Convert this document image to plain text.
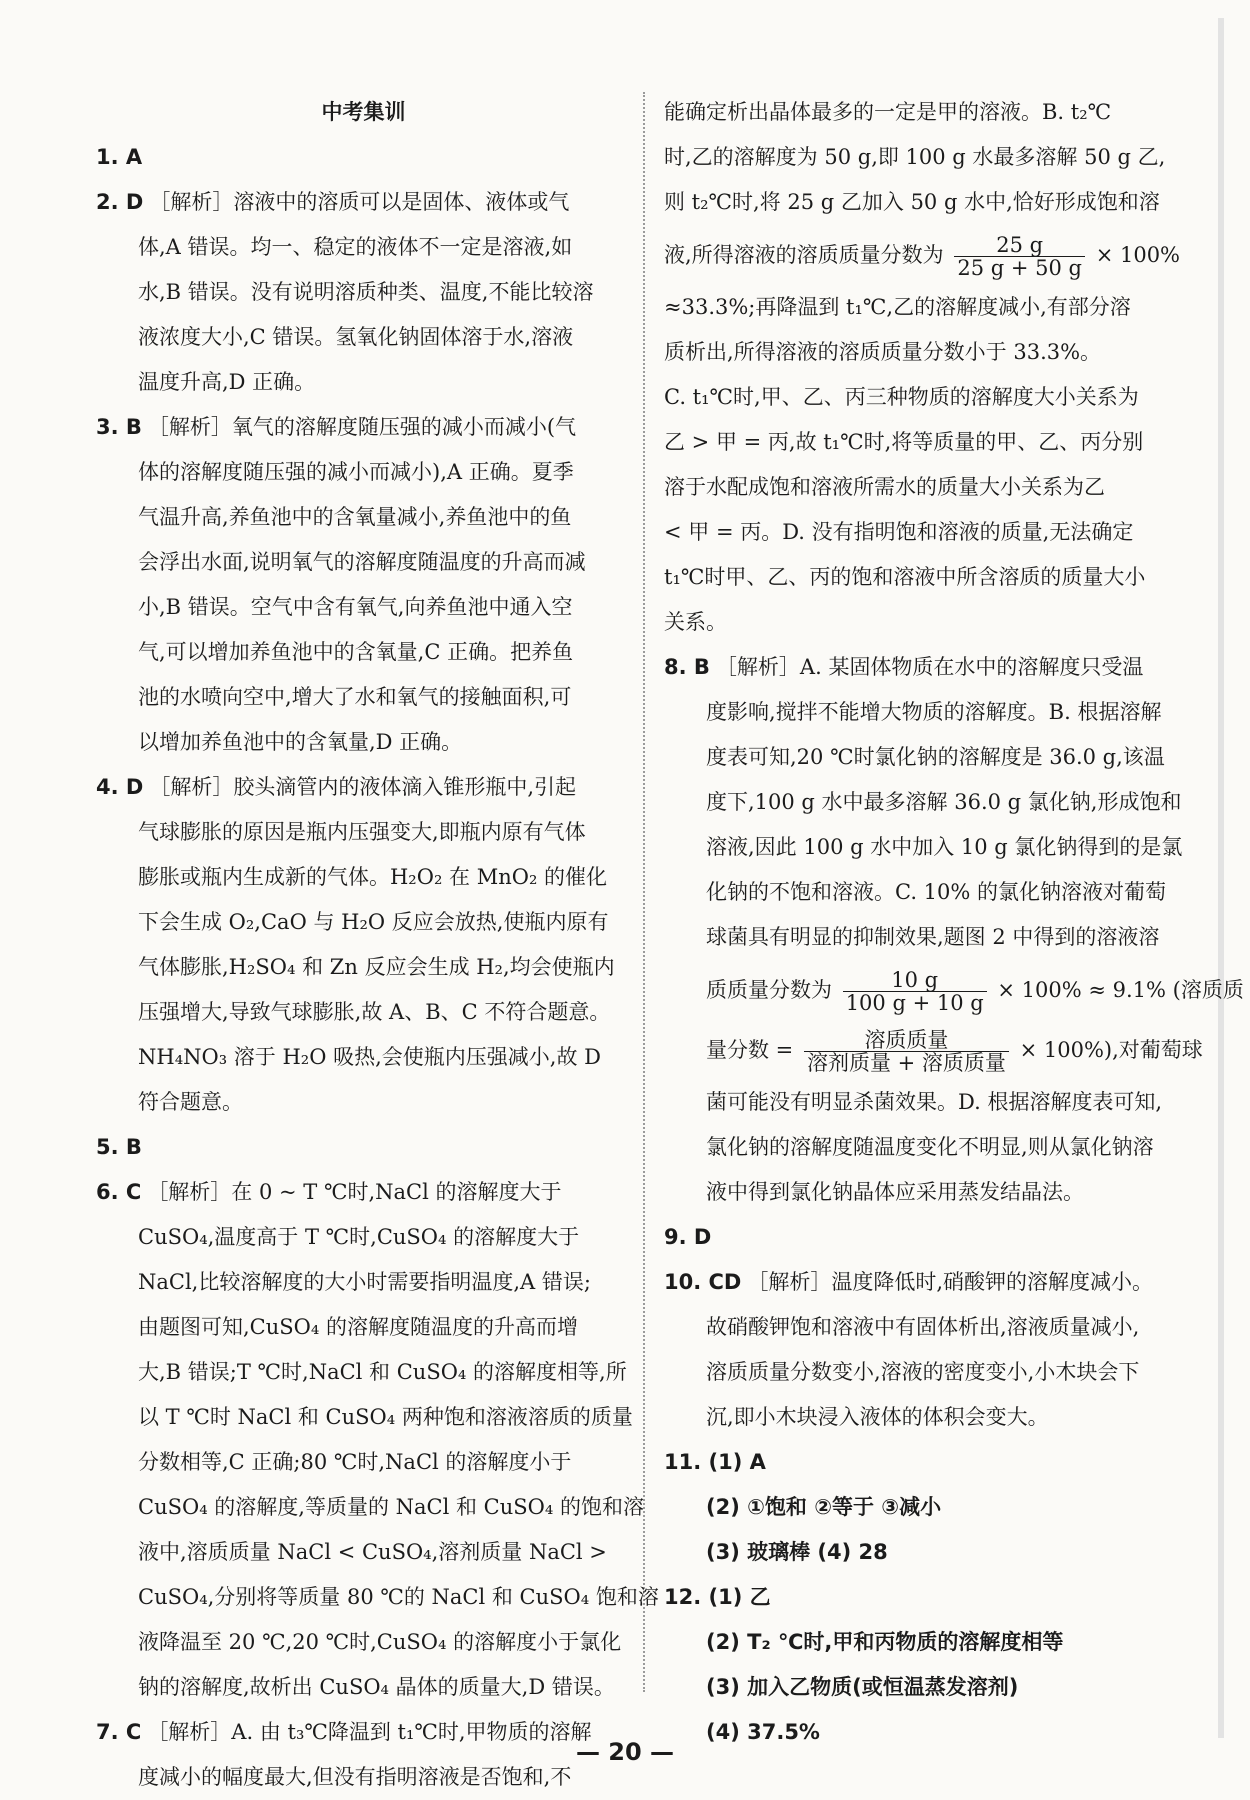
中考集训
1. A
2. D ［解析］溶液中的溶质可以是固体、液体或气
体,A 错误。均一、稳定的液体不一定是溶液,如
水,B 错误。没有说明溶质种类、温度,不能比较溶
液浓度大小,C 错误。氢氧化钠固体溶于水,溶液
温度升高,D 正确。
3. B ［解析］氧气的溶解度随压强的减小而减小(气
体的溶解度随压强的减小而减小),A 正确。夏季
气温升高,养鱼池中的含氧量减小,养鱼池中的鱼
会浮出水面,说明氧气的溶解度随温度的升高而减
小,B 错误。空气中含有氧气,向养鱼池中通入空
气,可以增加养鱼池中的含氧量,C 正确。把养鱼
池的水喷向空中,增大了水和氧气的接触面积,可
以增加养鱼池中的含氧量,D 正确。
4. D ［解析］胶头滴管内的液体滴入锥形瓶中,引起
气球膨胀的原因是瓶内压强变大,即瓶内原有气体
膨胀或瓶内生成新的气体。H₂O₂ 在 MnO₂ 的催化
下会生成 O₂,CaO 与 H₂O 反应会放热,使瓶内原有
气体膨胀,H₂SO₄ 和 Zn 反应会生成 H₂,均会使瓶内
压强增大,导致气球膨胀,故 A、B、C 不符合题意。
NH₄NO₃ 溶于 H₂O 吸热,会使瓶内压强减小,故 D
符合题意。
5. B
6. C ［解析］在 0 ~ T ℃时,NaCl 的溶解度大于
CuSO₄,温度高于 T ℃时,CuSO₄ 的溶解度大于
NaCl,比较溶解度的大小时需要指明温度,A 错误;
由题图可知,CuSO₄ 的溶解度随温度的升高而增
大,B 错误;T ℃时,NaCl 和 CuSO₄ 的溶解度相等,所
以 T ℃时 NaCl 和 CuSO₄ 两种饱和溶液溶质的质量
分数相等,C 正确;80 ℃时,NaCl 的溶解度小于
CuSO₄ 的溶解度,等质量的 NaCl 和 CuSO₄ 的饱和溶
液中,溶质质量 NaCl < CuSO₄,溶剂质量 NaCl >
CuSO₄,分别将等质量 80 ℃的 NaCl 和 CuSO₄ 饱和溶
液降温至 20 ℃,20 ℃时,CuSO₄ 的溶解度小于氯化
钠的溶解度,故析出 CuSO₄ 晶体的质量大,D 错误。
7. C ［解析］A. 由 t₃℃降温到 t₁℃时,甲物质的溶解
度减小的幅度最大,但没有指明溶液是否饱和,不
能确定析出晶体最多的一定是甲的溶液。B. t₂℃
时,乙的溶解度为 50 g,即 100 g 水最多溶解 50 g 乙,
则 t₂℃时,将 25 g 乙加入 50 g 水中,恰好形成饱和溶
液,所得溶液的溶质质量分数为 $\frac{25 g}{25 g + 50 g} \times 100\%$
≈33.3%;再降温到 t₁℃,乙的溶解度减小,有部分溶
质析出,所得溶液的溶质质量分数小于 33.3%。
C. t₁℃时,甲、乙、丙三种物质的溶解度大小关系为
乙 > 甲 = 丙,故 t₁℃时,将等质量的甲、乙、丙分别
溶于水配成饱和溶液所需水的质量大小关系为乙
< 甲 = 丙。D. 没有指明饱和溶液的质量,无法确定
t₁℃时甲、乙、丙的饱和溶液中所含溶质的质量大小
关系。
8. B ［解析］A. 某固体物质在水中的溶解度只受温
度影响,搅拌不能增大物质的溶解度。B. 根据溶解
度表可知,20 ℃时氯化钠的溶解度是 36.0 g,该温
度下,100 g 水中最多溶解 36.0 g 氯化钠,形成饱和
溶液,因此 100 g 水中加入 10 g 氯化钠得到的是氯
化钠的不饱和溶液。C. 10% 的氯化钠溶液对葡萄
球菌具有明显的抑制效果,题图 2 中得到的溶液溶
质质量分数为 $\frac{10 g}{100 g + 10 g} \times 100\% \approx 9.1\%$ (溶质质
量分数 = $\frac{\text{溶质质量}}{\text{溶剂质量 + 溶质质量}} \times 100\%$),对葡萄球
菌可能没有明显杀菌效果。D. 根据溶解度表可知,
氯化钠的溶解度随温度变化不明显,则从氯化钠溶
液中得到氯化钠晶体应采用蒸发结晶法。
9. D
10. CD ［解析］温度降低时,硝酸钾的溶解度减小。
故硝酸钾饱和溶液中有固体析出,溶液质量减小,
溶质质量分数变小,溶液的密度变小,小木块会下
沉,即小木块浸入液体的体积会变大。
11. (1) A
(2) ①饱和 ②等于 ③减小
(3) 玻璃棒 (4) 28
12. (1) 乙
(2) T₂ ℃时,甲和丙物质的溶解度相等
(3) 加入乙物质(或恒温蒸发溶剂)
(4) 37.5%
— 20 —
